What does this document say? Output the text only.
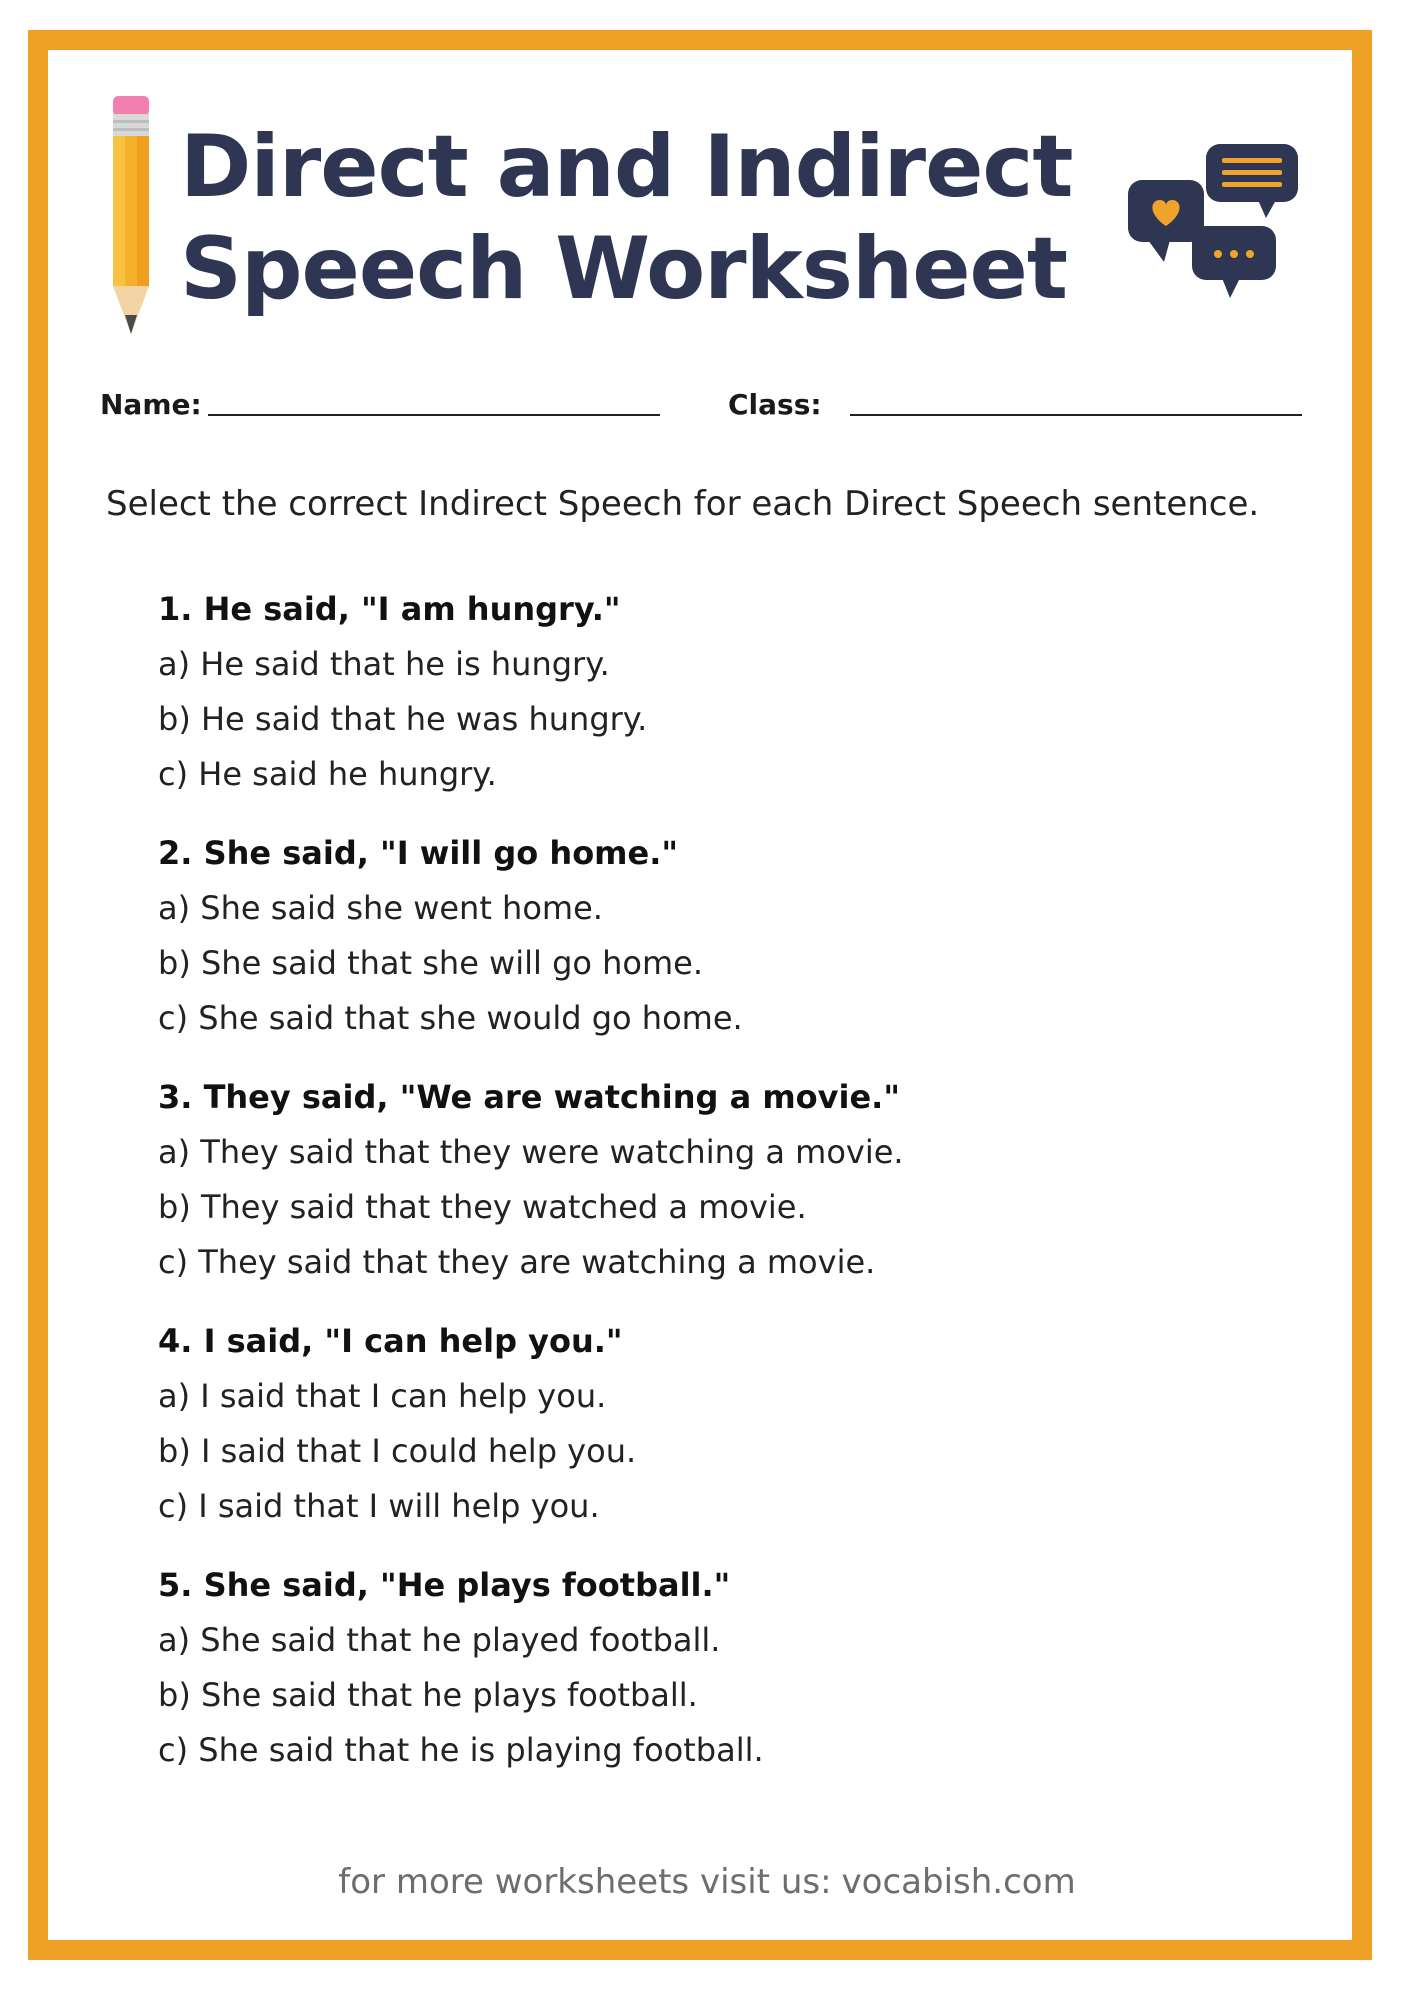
Direct and Indirect
Speech Worksheet
Name:	Class:
Select the correct Indirect Speech for each Direct Speech sentence.
1. He said, "I am hungry."
a) He said that he is hungry.
b) He said that he was hungry.
c) He said he hungry.
2. She said, "I will go home."
a) She said she went home.
b) She said that she will go home.
c) She said that she would go home.
3. They said, "We are watching a movie."
a) They said that they were watching a movie.
b) They said that they watched a movie.
c) They said that they are watching a movie.
4. I said, "I can help you."
a) I said that I can help you.
b) I said that I could help you.
c) I said that I will help you.
5. She said, "He plays football."
a) She said that he played football.
b) She said that he plays football.
c) She said that he is playing football.
for more worksheets visit us: vocabish.com
